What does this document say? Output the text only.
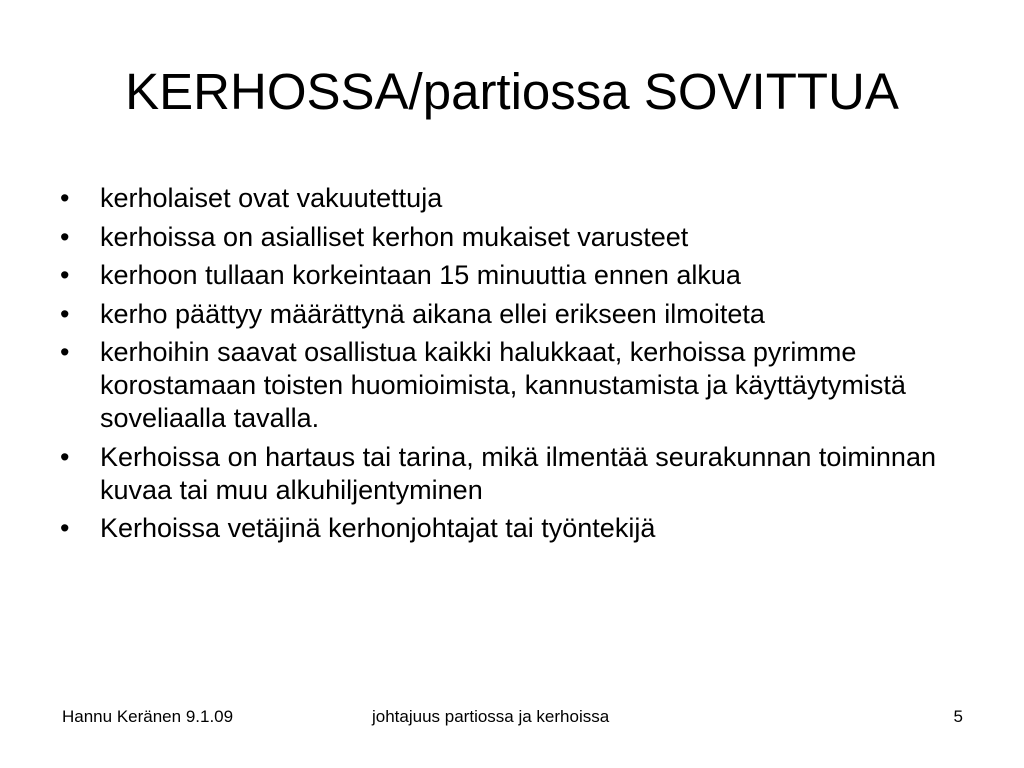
KERHOSSA/partiossa SOVITTUA
• kerholaiset ovat vakuutettuja
• kerhoissa on asialliset kerhon mukaiset varusteet
• kerhoon tullaan korkeintaan 15 minuuttia ennen alkua
• kerho päättyy määrättynä aikana ellei erikseen ilmoiteta
• kerhoihin saavat osallistua kaikki halukkaat, kerhoissa pyrimme korostamaan toisten huomioimista, kannustamista ja käyttäytymistä soveliaalla tavalla.
• Kerhoissa on hartaus tai tarina, mikä ilmentää seurakunnan toiminnan kuvaa tai muu alkuhiljentyminen
• Kerhoissa vetäjinä kerhonjohtajat tai työntekijä
Hannu Keränen 9.1.09	johtajuus partiossa ja kerhoissa	5
